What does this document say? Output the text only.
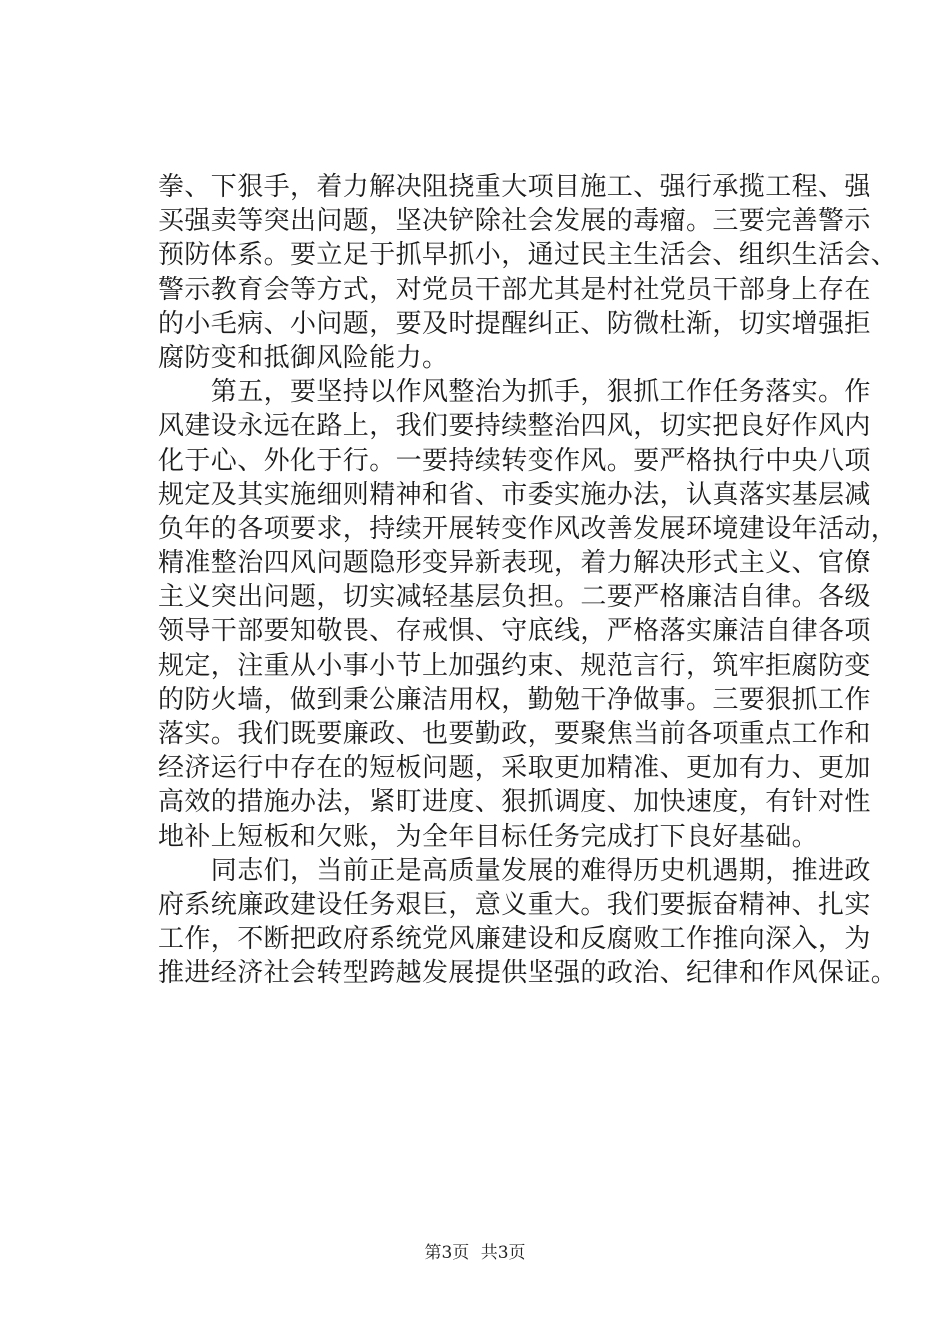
拳、下狠手，着力解决阻挠重大项目施工、强行承揽工程、强
买强卖等突出问题，坚决铲除社会发展的毒瘤。三要完善警示
预防体系。要立足于抓早抓小，通过民主生活会、组织生活会、
警示教育会等方式，对党员干部尤其是村社党员干部身上存在
的小毛病、小问题，要及时提醒纠正、防微杜渐，切实增强拒
腐防变和抵御风险能力。
　　第五，要坚持以作风整治为抓手，狠抓工作任务落实。作
风建设永远在路上，我们要持续整治四风，切实把良好作风内
化于心、外化于行。一要持续转变作风。要严格执行中央八项
规定及其实施细则精神和省、市委实施办法，认真落实基层减
负年的各项要求，持续开展转变作风改善发展环境建设年活动，
精准整治四风问题隐形变异新表现，着力解决形式主义、官僚
主义突出问题，切实减轻基层负担。二要严格廉洁自律。各级
领导干部要知敬畏、存戒惧、守底线，严格落实廉洁自律各项
规定，注重从小事小节上加强约束、规范言行，筑牢拒腐防变
的防火墙，做到秉公廉洁用权，勤勉干净做事。三要狠抓工作
落实。我们既要廉政、也要勤政，要聚焦当前各项重点工作和
经济运行中存在的短板问题，采取更加精准、更加有力、更加
高效的措施办法，紧盯进度、狠抓调度、加快速度，有针对性
地补上短板和欠账，为全年目标任务完成打下良好基础。
　　同志们，当前正是高质量发展的难得历史机遇期，推进政
府系统廉政建设任务艰巨，意义重大。我们要振奋精神、扎实
工作，不断把政府系统党风廉建设和反腐败工作推向深入，为
推进经济社会转型跨越发展提供坚强的政治、纪律和作风保证。
第3页 共3页
